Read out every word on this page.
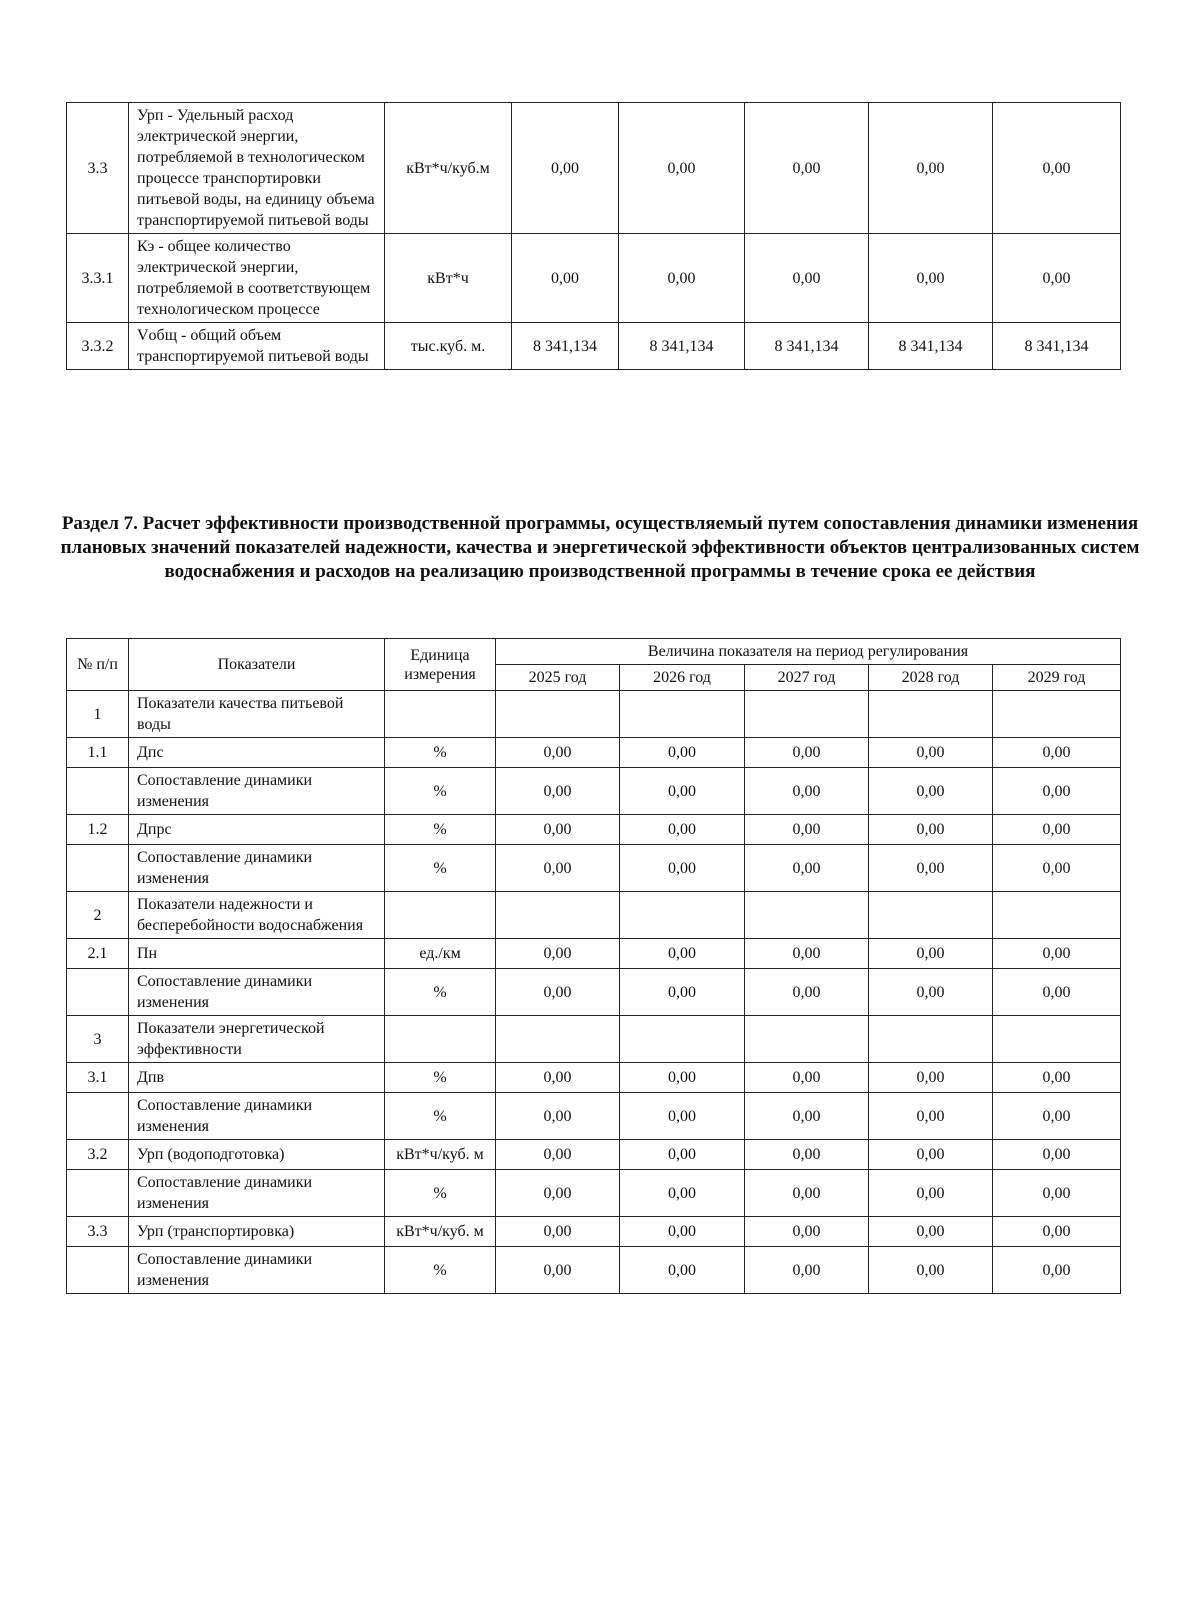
3.3	Урп - Удельный расход электрической энергии, потребляемой в технологическом процессе транспортировки питьевой воды, на единицу объема транспортируемой питьевой воды	кВт*ч/куб.м	0,00	0,00	0,00	0,00	0,00
3.3.1	Кэ - общее количество электрической энергии, потребляемой в соответствующем технологическом процессе	кВт*ч	0,00	0,00	0,00	0,00	0,00
3.3.2	Vобщ - общий объем транспортируемой питьевой воды	тыс.куб. м.	8 341,134	8 341,134	8 341,134	8 341,134	8 341,134
Раздел 7. Расчет эффективности производственной программы, осуществляемый путем сопоставления динамики изменения плановых значений показателей надежности, качества и энергетической эффективности объектов централизованных систем водоснабжения и расходов на реализацию производственной программы в течение срока ее действия
№ п/п	Показатели	Единица измерения	Величина показателя на период регулирования				
			2025 год	2026 год	2027 год	2028 год	2029 год
1	Показатели качества питьевой воды						
1.1	Дпс	%	0,00	0,00	0,00	0,00	0,00
	Сопоставление динамики изменения	%	0,00	0,00	0,00	0,00	0,00
1.2	Дпрс	%	0,00	0,00	0,00	0,00	0,00
	Сопоставление динамики изменения	%	0,00	0,00	0,00	0,00	0,00
2	Показатели надежности и бесперебойности водоснабжения						
2.1	Пн	ед./км	0,00	0,00	0,00	0,00	0,00
	Сопоставление динамики изменения	%	0,00	0,00	0,00	0,00	0,00
3	Показатели энергетической эффективности						
3.1	Дпв	%	0,00	0,00	0,00	0,00	0,00
	Сопоставление динамики изменения	%	0,00	0,00	0,00	0,00	0,00
3.2	Урп (водоподготовка)	кВт*ч/куб. м	0,00	0,00	0,00	0,00	0,00
	Сопоставление динамики изменения	%	0,00	0,00	0,00	0,00	0,00
3.3	Урп (транспортировка)	кВт*ч/куб. м	0,00	0,00	0,00	0,00	0,00
	Сопоставление динамики изменения	%	0,00	0,00	0,00	0,00	0,00
